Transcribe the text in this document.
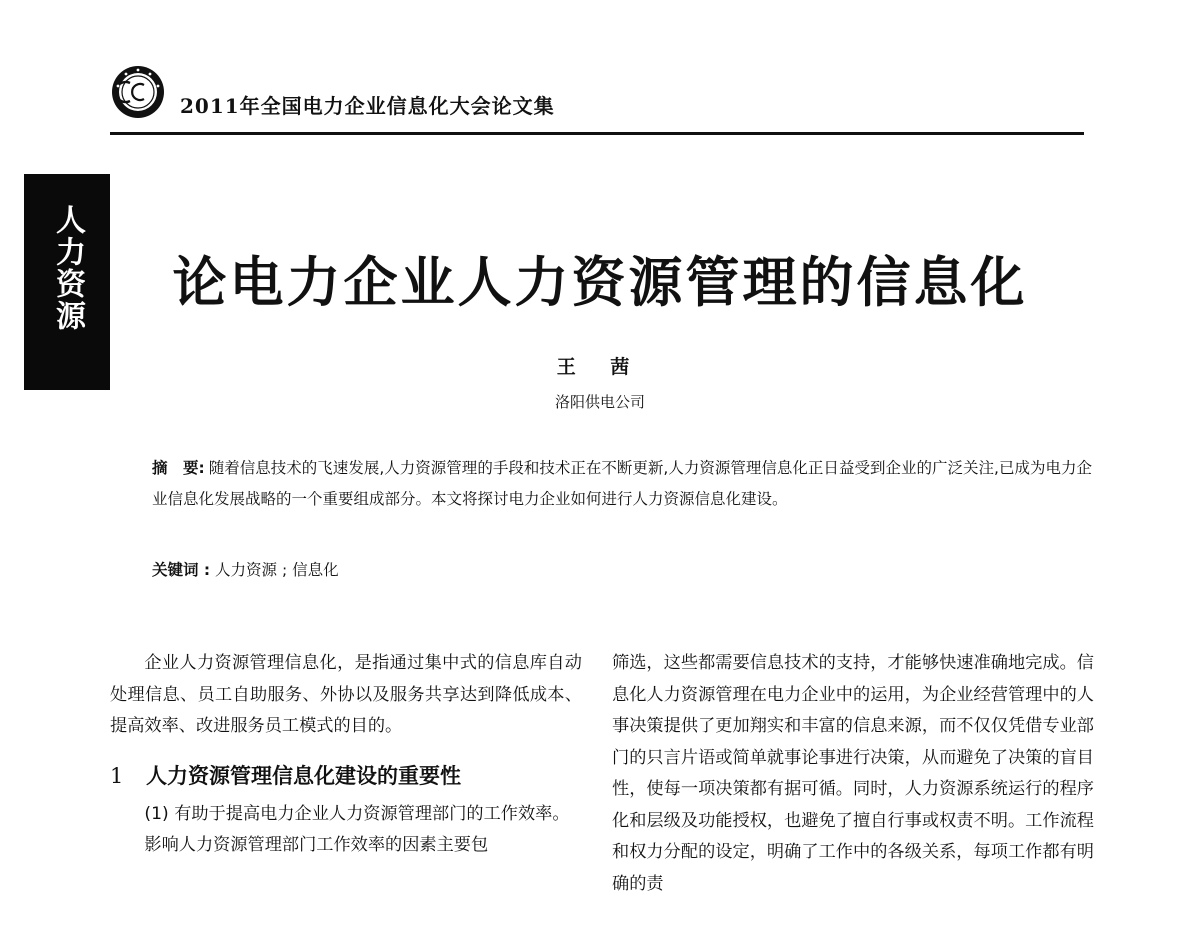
2011年全国电力企业信息化大会论文集
人力资源	论电力企业人力资源管理的信息化
王 茜
洛阳供电公司
摘　要: 随着信息技术的飞速发展,人力资源管理的手段和技术正在不断更新,人力资源管理信息化正日益受到企业的广泛关注,已成为电力企业信息化发展战略的一个重要组成部分。本文将探讨电力企业如何进行人力资源信息化建设。
关键词 : 人力资源 ; 信息化

企业人力资源管理信息化，是指通过集中式的信息库自动处理信息、员工自助服务、外协以及服务共享达到降低成本、提高效率、改进服务员工模式的目的。

1 人力资源管理信息化建设的重要性

(1) 有助于提高电力企业人力资源管理部门的工作效率。

影响人力资源管理部门工作效率的因素主要包

筛选，这些都需要信息技术的支持，才能够快速准确地完成。信息化人力资源管理在电力企业中的运用，为企业经营管理中的人事决策提供了更加翔实和丰富的信息来源，而不仅仅凭借专业部门的只言片语或简单就事论事进行决策，从而避免了决策的盲目性，使每一项决策都有据可循。同时，人力资源系统运行的程序化和层级及功能授权，也避免了擅自行事或权责不明。工作流程和权力分配的设定，明确了工作中的各级关系，每项工作都有明确的责
